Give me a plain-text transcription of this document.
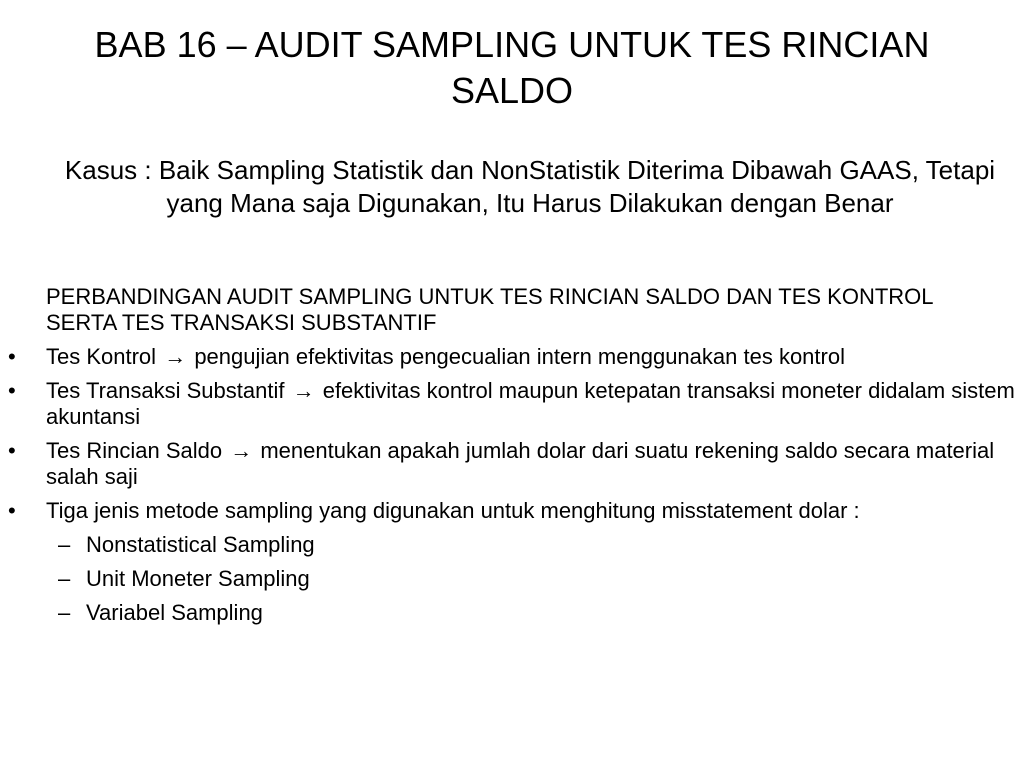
BAB 16 – AUDIT SAMPLING UNTUK TES RINCIAN SALDO

Kasus : Baik Sampling Statistik dan NonStatistik Diterima Dibawah GAAS, Tetapi yang Mana saja Digunakan, Itu Harus Dilakukan dengan Benar

PERBANDINGAN AUDIT SAMPLING UNTUK TES RINCIAN SALDO DAN TES KONTROL SERTA TES TRANSAKSI SUBSTANTIF

•	Tes Kontrol → pengujian efektivitas pengecualian intern menggunakan tes kontrol
•	Tes Transaksi Substantif → efektivitas kontrol maupun ketepatan transaksi moneter didalam sistem akuntansi
•	Tes Rincian Saldo → menentukan apakah jumlah dolar dari suatu rekening saldo secara material salah saji
•	Tiga jenis metode sampling yang digunakan untuk menghitung misstatement dolar :
– Nonstatistical Sampling
– Unit Moneter Sampling
– Variabel Sampling
